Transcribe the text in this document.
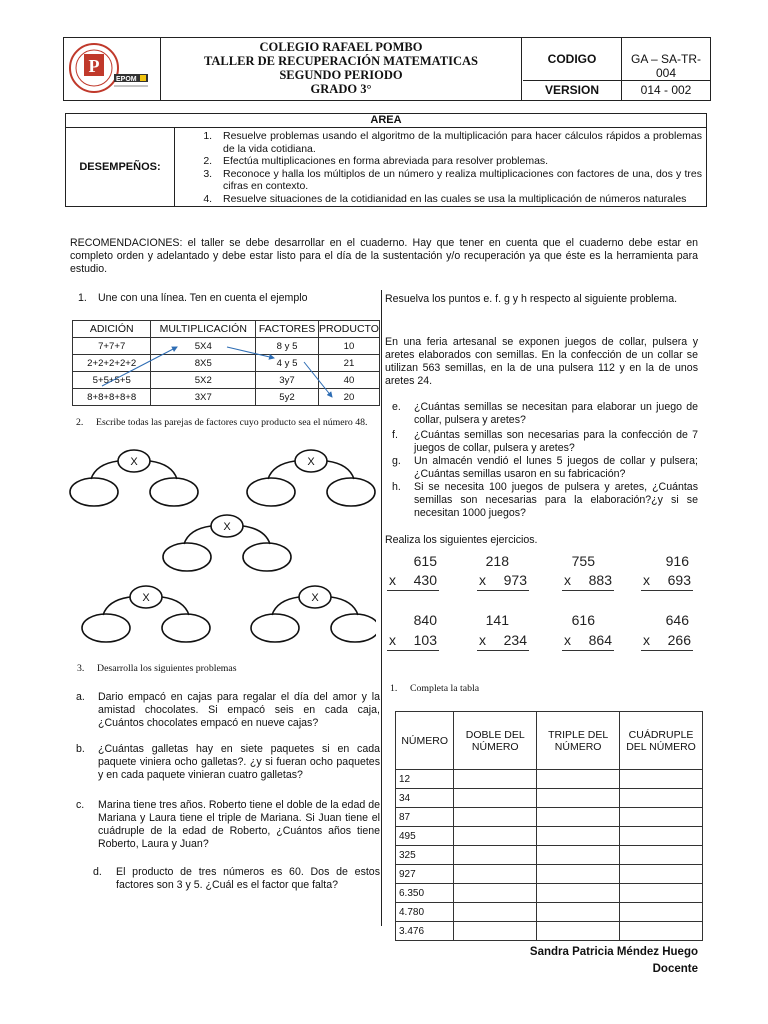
P
EPOM
COLEGIO RAFAEL POMBO
TALLER DE RECUPERACIÓN MATEMATICAS
SEGUNDO PERIODO
GRADO 3°
CODIGO	GA – SA-TR- 004
VERSION	014 - 002
AREA
DESEMPEÑOS:	
1. Resuelve problemas usando el algoritmo de la multiplicación para hacer cálculos rápidos a problemas de la vida cotidiana.
2. Efectúa multiplicaciones en forma abreviada para resolver problemas.
3. Reconoce y halla los múltiplos de un número y realiza multiplicaciones con factores de una, dos y tres cifras en contexto.
4. Resuelve situaciones de la cotidianidad en las cuales se usa la multiplicación de números naturales
RECOMENDACIONES: el taller se debe desarrollar en el cuaderno. Hay que tener en cuenta que el cuaderno debe estar en completo orden y adelantado y debe estar listo para el día de la sustentación y/o recuperación ya que éste es la herramienta para estudio.
1. Une con una línea. Ten en cuenta el ejemplo
ADICIÓN	MULTIPLICACIÓN	FACTORES	PRODUCTO
7+7+7	5X4	8 y 5	10
2+2+2+2+2	8X5	4 y 5	21
5+5+5+5	5X2	3y7	40
8+8+8+8+8	3X7	5y2	20
2. Escribe todas las parejas de factores cuyo producto sea el número 48.
X	X
X
X	X
3. Desarrolla los siguientes problemas
a. Dario empacó en cajas para regalar el día del amor y la amistad chocolates. Si empacó seis en cada caja, ¿Cuántos chocolates empacó en nueve cajas?
b. ¿Cuántas galletas hay en siete paquetes si en cada paquete viniera ocho galletas?. ¿y si fueran ocho paquetes y en cada paquete vinieran cuatro galletas?
c. Marina tiene tres años. Roberto tiene el doble de la edad de Mariana y Laura tiene el triple de Mariana. Si Juan tiene el cuádruple de la edad de Roberto, ¿Cuántos años tiene Roberto, Laura y Juan?
d. El producto de tres números es 60. Dos de estos factores son 3 y 5. ¿Cuál es el factor que falta?
Resuelva los puntos e. f. g y h respecto al siguiente problema.
En una feria artesanal se exponen juegos de collar, pulsera y aretes elaborados con semillas. En la confección de un collar se utilizan 563 semillas, en la de una pulsera 112 y en la de unos aretes 24.
e. ¿Cuántas semillas se necesitan para elaborar un juego de collar, pulsera y aretes?
f. ¿Cuántas semillas son necesarias para la confección de 7 juegos de collar, pulsera y aretes?
g. Un almacén vendió el lunes 5 juegos de collar y pulsera; ¿Cuántas semillas usaron en su fabricación?
h. Si se necesita 100 juegos de pulsera y aretes, ¿Cuántas semillas son necesarias para la elaboración?¿y si se necesitan 1000 juegos?
Realiza los siguientes ejercicios.
615
x	430
218
x	973
755
x	883
916
x	693
840
x	103
141
x	234
616
x	864
646
x	266
1. Completa la tabla
NÚMERO	DOBLE DEL NÚMERO	TRIPLE DEL NÚMERO	CUÁDRUPLE DEL NÚMERO
12			
34			
87			
495			
325			
927			
6.350			
4.780			
3.476			
Sandra Patricia Méndez Huego
Docente
